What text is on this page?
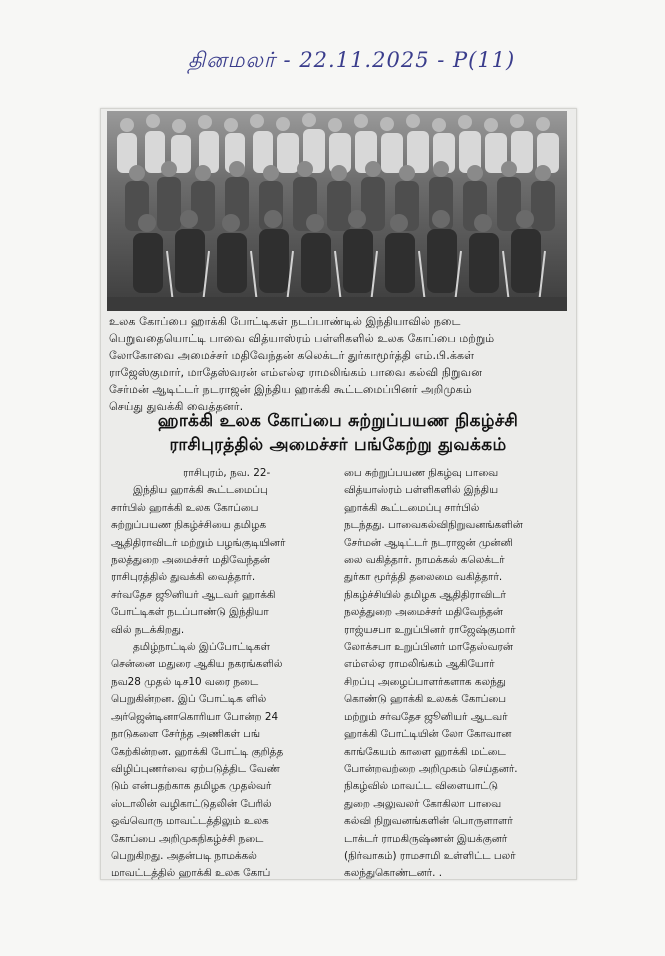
தினமலர் - 22.11.2025 - P(11)
உலக கோப்பை ஹாக்கி போட்டிகள் நடப்பாண்டில் இந்தியாவில் நடை
பெறுவதையொட்டி பாவை வித்யாஸ்ரம் பள்ளிகளில் உலக கோப்பை மற்றும்
லோகோவை அமைச்சர் மதிவேந்தன் கலெக்டர் துர்காமூர்த்தி எம்.பி.க்கள்
ராஜேஸ்குமார், மாதேஸ்வரன் எம்எல்ஏ ராமலிங்கம் பாவை கல்வி நிறுவன
சேர்மன் ஆடிட்டர் நடராஜன் இந்திய ஹாக்கி கூட்டமைப்பினர் அறிமுகம்
செய்து துவக்கி வைத்தனர்.
ஹாக்கி உலக கோப்பை சுற்றுப்பயண நிகழ்ச்சி
ராசிபுரத்தில் அமைச்சர் பங்கேற்று துவக்கம்
ராசிபுரம், நவ. 22-
இந்திய ஹாக்கி கூட்டமைப்பு
சார்பில் ஹாக்கி உலக கோப்பை
சுற்றுப்பயண நிகழ்ச்சியை தமிழக
ஆதிதிராவிடர் மற்றும் பழங்குடியினர்
நலத்துறை அமைச்சர் மதிவேந்தன்
ராசிபுரத்தில் துவக்கி வைத்தார்.
சர்வதேச ஜூனியர் ஆடவர் ஹாக்கி
போட்டிகள் நடப்பாண்டு இந்தியா
வில் நடக்கிறது.
தமிழ்நாட்டில் இப்போட்டிகள்
சென்னை மதுரை ஆகிய நகரங்களில்
நவ28 முதல் டிச10 வரை நடை
பெறுகின்றன. இப் போட்டிக ளில்
அர்ஜென்டினாகொரியா போன்ற 24
நாடுகளை சேர்ந்த அணிகள் பங்
கேற்கின்றன. ஹாக்கி போட்டி குறித்த
விழிப்புணர்வை ஏற்படுத்திட வேண்
டும் என்பதற்காக தமிழக முதல்வர்
ஸ்டாலின் வழிகாட்டுதலின் பேரில்
ஒவ்வொரு மாவட்டத்திலும் உலக
கோப்பை அறிமுகநிகழ்ச்சி நடை
பெறுகிறது. அதன்படி நாமக்கல்
மாவட்டத்தில் ஹாக்கி உலக கோப்
பை சுற்றுப்பயண நிகழ்வு பாவை
வித்யாஸ்ரம் பள்ளிகளில் இந்திய
ஹாக்கி கூட்டமைப்பு சார்பில்
நடந்தது. பாவைகல்விநிறுவனங்களின்
சேர்மன் ஆடிட்டர் நடராஜன் முன்னி
லை வகித்தார். நாமக்கல் கலெக்டர்
துர்கா மூர்த்தி தலைமை வகித்தார்.
நிகழ்ச்சியில் தமிழக ஆதிதிராவிடர்
நலத்துறை அமைச்சர் மதிவேந்தன்
ராஜ்யசபா உறுப்பினர் ராஜேஷ்குமார்
லோக்சபா உறுப்பினர் மாதேஸ்வரன்
எம்எல்ஏ ராமலிங்கம் ஆகியோர்
சிறப்பு அழைப்பாளர்களாக கலந்து
கொண்டு ஹாக்கி உலகக் கோப்பை
மற்றும் சர்வதேச ஜூனியர் ஆடவர்
ஹாக்கி போட்டியின் லோ கோவான
காங்கேயம் காளை ஹாக்கி மட்டை
போன்றவற்றை அறிமுகம் செய்தனர்.
நிகழ்வில் மாவட்ட விளையாட்டு
துறை அலுவலர் கோகிலா பாவை
கல்வி நிறுவனங்களின் பொருளாளர்
டாக்டர் ராமகிருஷ்ணன் இயக்குனர்
(நிர்வாகம்) ராமசாமி உள்ளிட்ட பலர்
கலந்துகொண்டனர். .
